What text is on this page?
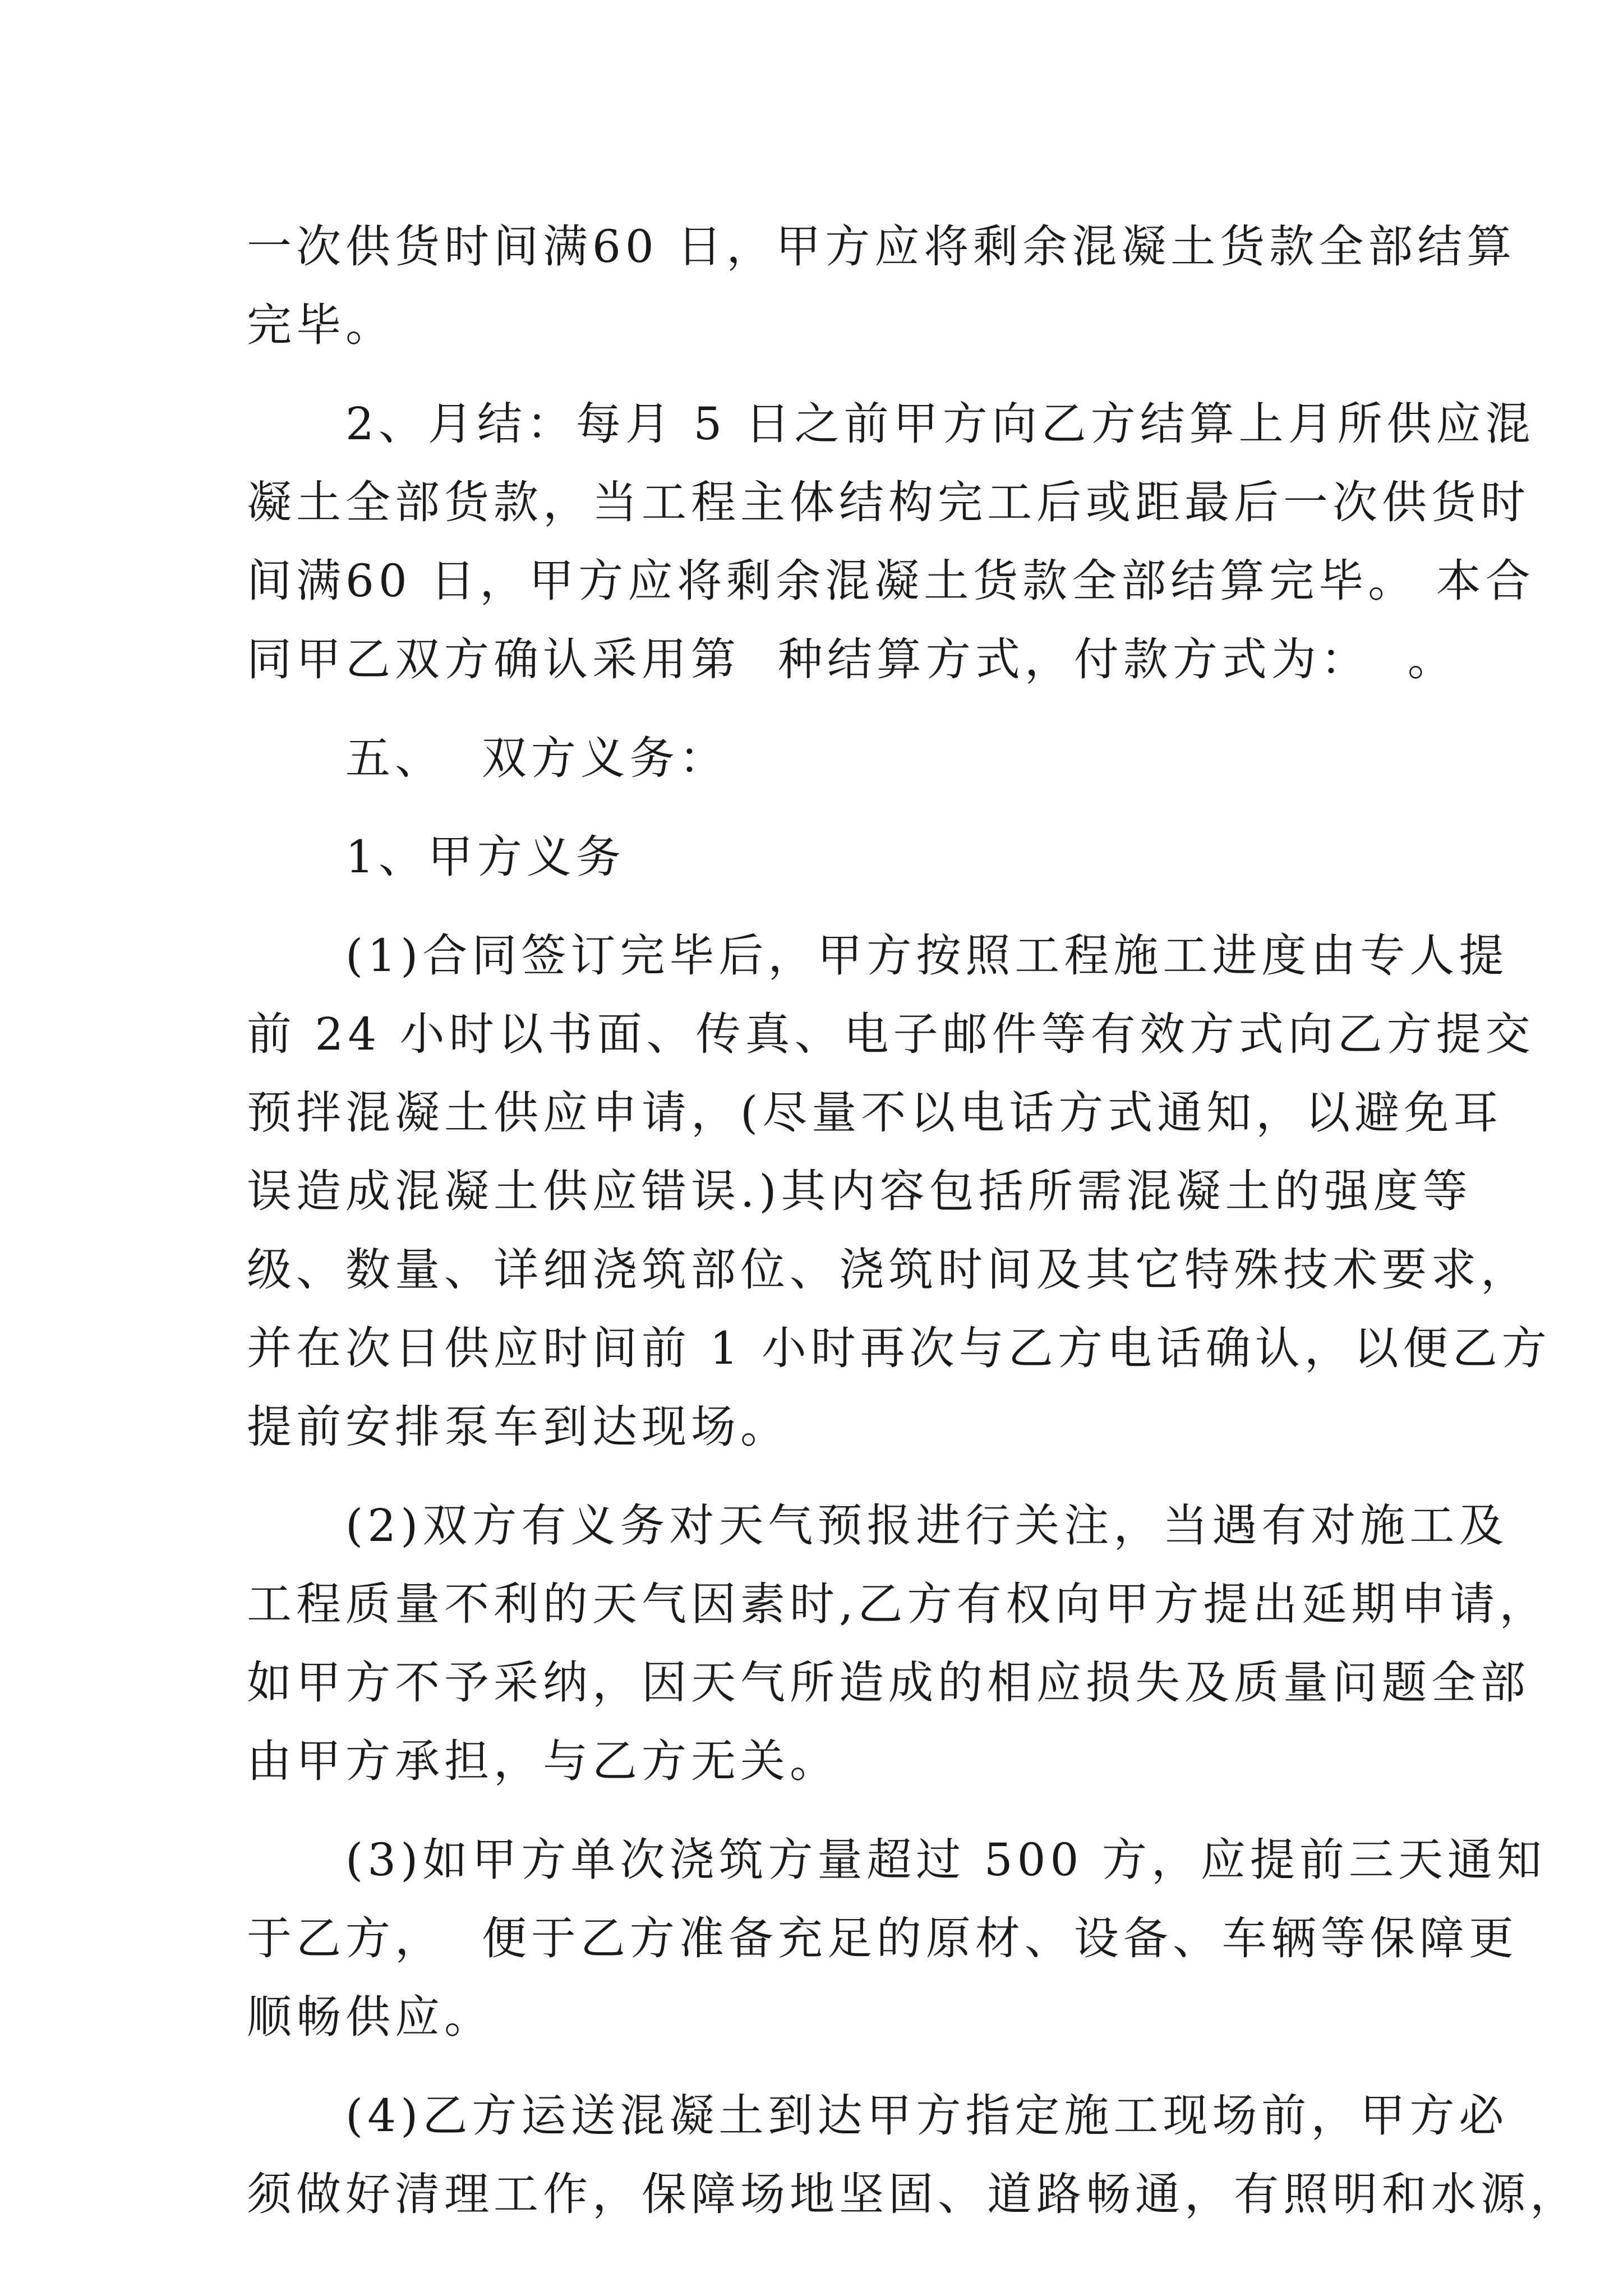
一次供货时间满60 日，甲方应将剩余混凝土货款全部结算
完毕。
　　2、月结：每月 5 日之前甲方向乙方结算上月所供应混
凝土全部货款，当工程主体结构完工后或距最后一次供货时
间满60 日，甲方应将剩余混凝土货款全部结算完毕。 本合
同甲乙双方确认采用第  种结算方式，付款方式为：  。
　　五、  双方义务：
　　1、甲方义务
　　(1)合同签订完毕后，甲方按照工程施工进度由专人提
前 24 小时以书面、传真、电子邮件等有效方式向乙方提交
预拌混凝土供应申请，(尽量不以电话方式通知，以避免耳
误造成混凝土供应错误.)其内容包括所需混凝土的强度等
级、数量、详细浇筑部位、浇筑时间及其它特殊技术要求，
并在次日供应时间前 1 小时再次与乙方电话确认，以便乙方
提前安排泵车到达现场。
　　(2)双方有义务对天气预报进行关注，当遇有对施工及
工程质量不利的天气因素时,乙方有权向甲方提出延期申请，
如甲方不予采纳，因天气所造成的相应损失及质量问题全部
由甲方承担，与乙方无关。
　　(3)如甲方单次浇筑方量超过 500 方，应提前三天通知
于乙方，  便于乙方准备充足的原材、设备、车辆等保障更
顺畅供应。
　　(4)乙方运送混凝土到达甲方指定施工现场前，甲方必
须做好清理工作，保障场地坚固、道路畅通，有照明和水源，
